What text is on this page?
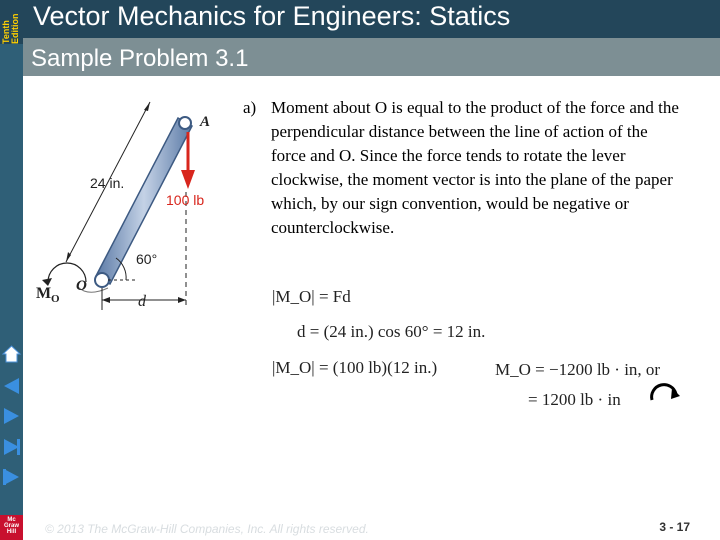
Tenth Edition Vector Mechanics for Engineers: Statics
Sample Problem 3.1
Mc
Graw
Hill
A
O
24 in.
100 lb
60°
M O	d
a) Moment about O is equal to the product of the force and the perpendicular distance between the line of action of the force and O. Since the force tends to rotate the lever clockwise, the moment vector is into the plane of the paper which, by our sign convention, would be negative or counterclockwise.
|M_O| = Fd
d = (24 in.) cos 60° = 12 in.
|M_O| = (100 lb)(12 in.)	M_O = −1200 lb · in, or
= 1200 lb · in
© 2013 The McGraw-Hill Companies, Inc. All rights reserved.	3 - 17
